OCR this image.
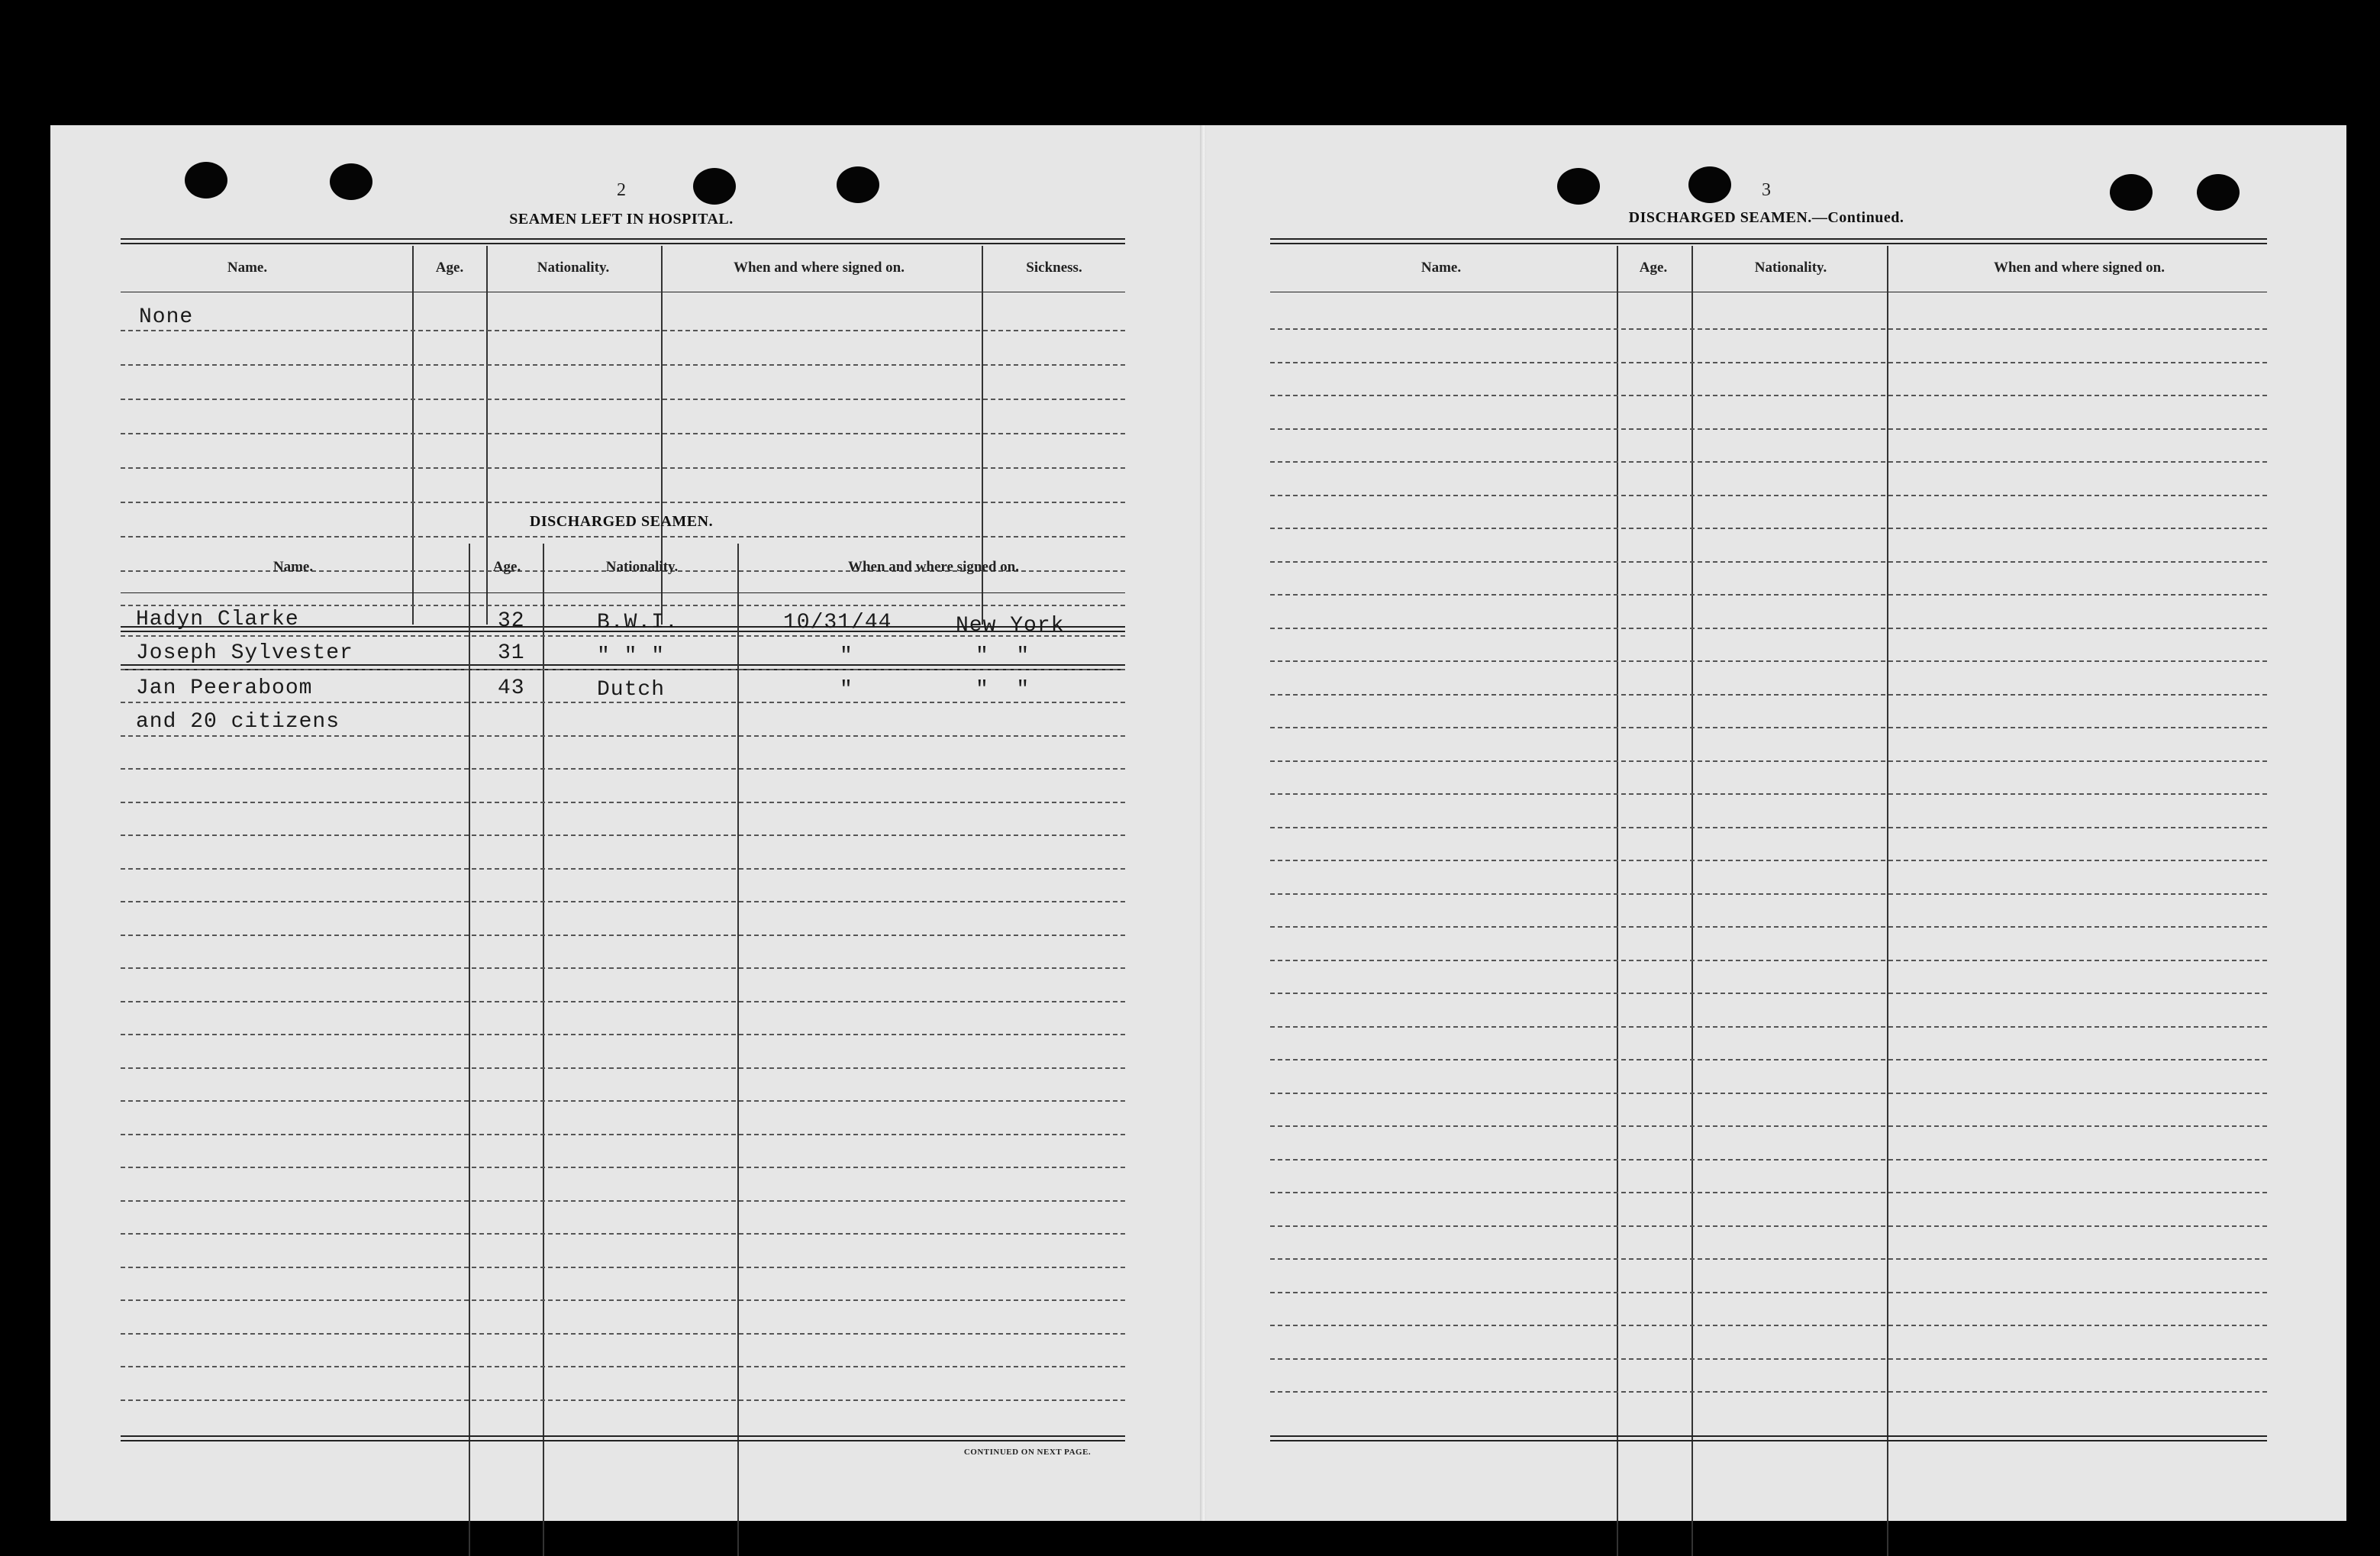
2
SEAMEN LEFT IN HOSPITAL.
Name.	Age.	Nationality.	When and where signed on.	Sickness.
None
DISCHARGED SEAMEN.
Name.	Age.	Nationality.	When and where signed on.
Hadyn Clarke	32	B.W.I.	10/31/44	New York
Joseph Sylvester	31	" " "	"	"  "
Jan Peeraboom	43	Dutch	"	"  "
and 20 citizens
CONTINUED ON NEXT PAGE.
3
DISCHARGED SEAMEN.—Continued.
Name.	Age.	Nationality.	When and where signed on.
